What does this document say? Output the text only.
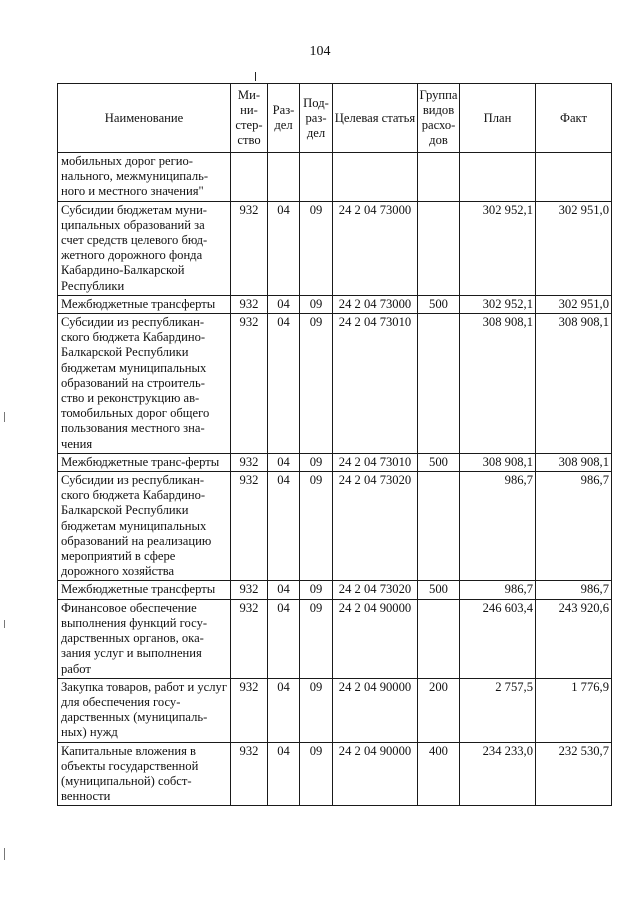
104
Наименование	Ми-ни-стер-ство	Раз-дел	Под-раз-дел	Целевая статья	Группа видов расхо-дов	План	Факт
мобильных дорог регио-нального, межмуниципаль-ного и местного значения"							
Субсидии бюджетам муни-ципальных образований за счет средств целевого бюд-жетного дорожного фонда Кабардино-Балкарской Республики	932	04	09	24 2 04 73000		302 952,1	302 951,0
Межбюджетные трансферты	932	04	09	24 2 04 73000	500	302 952,1	302 951,0
Субсидии из республикан-ского бюджета Кабардино-Балкарской Республики бюджетам муниципальных образований на строитель-ство и реконструкцию ав-томобильных дорог общего пользования местного зна-чения	932	04	09	24 2 04 73010		308 908,1	308 908,1
Межбюджетные транс-ферты	932	04	09	24 2 04 73010	500	308 908,1	308 908,1
Субсидии из республикан-ского бюджета Кабардино-Балкарской Республики бюджетам муниципальных образований на реализацию мероприятий в сфере дорожного хозяйства	932	04	09	24 2 04 73020		986,7	986,7
Межбюджетные трансферты	932	04	09	24 2 04 73020	500	986,7	986,7
Финансовое обеспечение выполнения функций госу-дарственных органов, ока-зания услуг и выполнения работ	932	04	09	24 2 04 90000		246 603,4	243 920,6
Закупка товаров, работ и услуг для обеспечения госу-дарственных (муниципаль-ных) нужд	932	04	09	24 2 04 90000	200	2 757,5	1 776,9
Капитальные вложения в объекты государственной (муниципальной) собст-венности	932	04	09	24 2 04 90000	400	234 233,0	232 530,7
